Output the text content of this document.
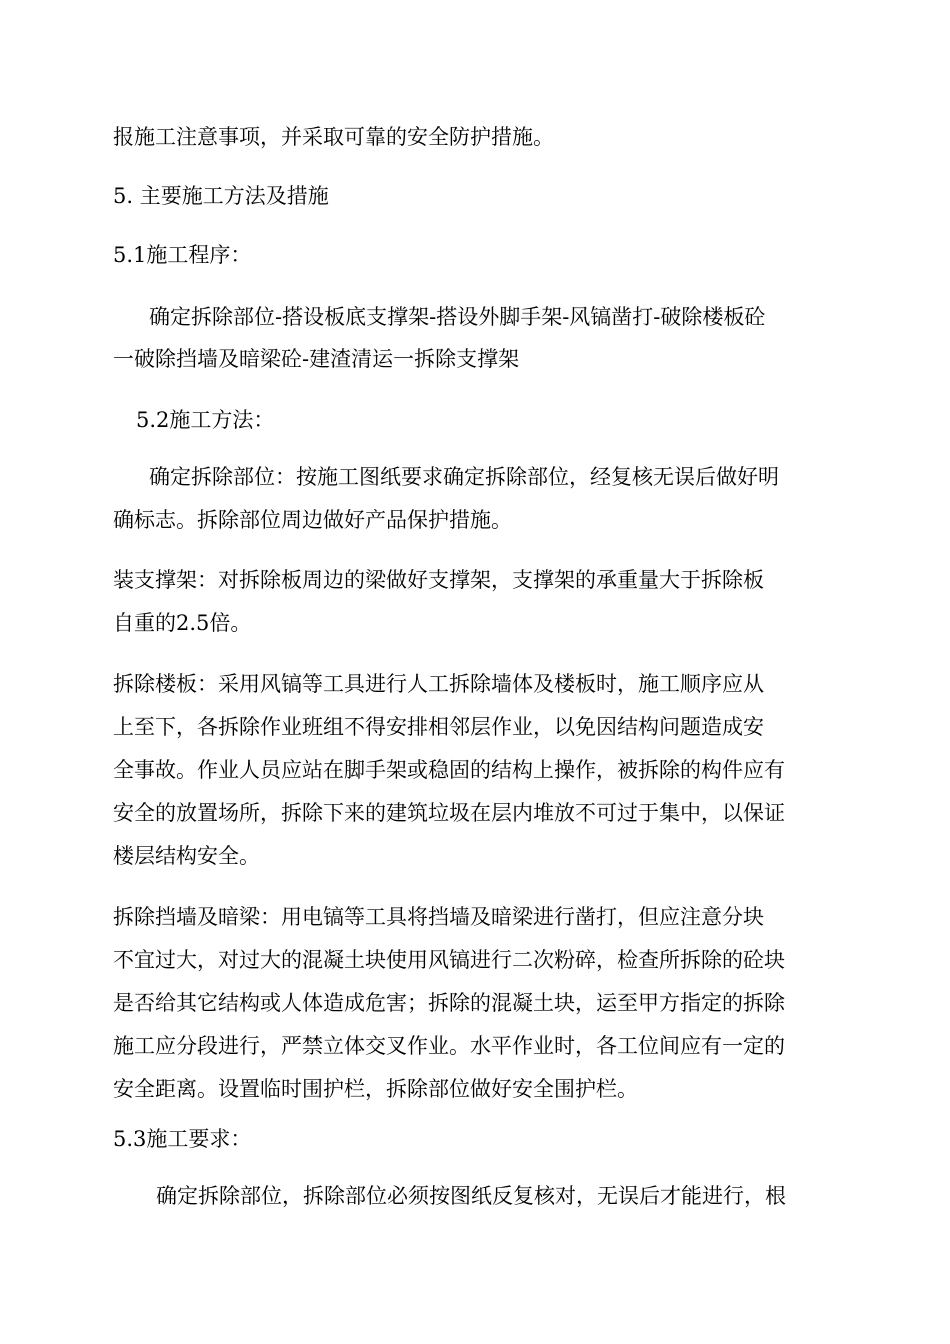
报施工注意事项，并采取可靠的安全防护措施。

5. 主要施工方法及措施

5.1施工程序：

确定拆除部位-搭设板底支撑架-搭设外脚手架-风镐凿打-破除楼板砼

一破除挡墙及暗梁砼-建渣清运一拆除支撑架

5.2施工方法：

确定拆除部位：按施工图纸要求确定拆除部位，经复核无误后做好明

确标志。拆除部位周边做好产品保护措施。

装支撑架：对拆除板周边的梁做好支撑架，支撑架的承重量大于拆除板

自重的2.5倍。

拆除楼板：采用风镐等工具进行人工拆除墙体及楼板时，施工顺序应从

上至下，各拆除作业班组不得安排相邻层作业，以免因结构问题造成安

全事故。作业人员应站在脚手架或稳固的结构上操作，被拆除的构件应有

安全的放置场所，拆除下来的建筑垃圾在层内堆放不可过于集中，以保证

楼层结构安全。

拆除挡墙及暗梁：用电镐等工具将挡墙及暗梁进行凿打，但应注意分块

不宜过大，对过大的混凝土块使用风镐进行二次粉碎，检查所拆除的砼块

是否给其它结构或人体造成危害；拆除的混凝土块，运至甲方指定的拆除

施工应分段进行，严禁立体交叉作业。水平作业时，各工位间应有一定的

安全距离。设置临时围护栏，拆除部位做好安全围护栏。

5.3施工要求：

确定拆除部位，拆除部位必须按图纸反复核对，无误后才能进行，根
